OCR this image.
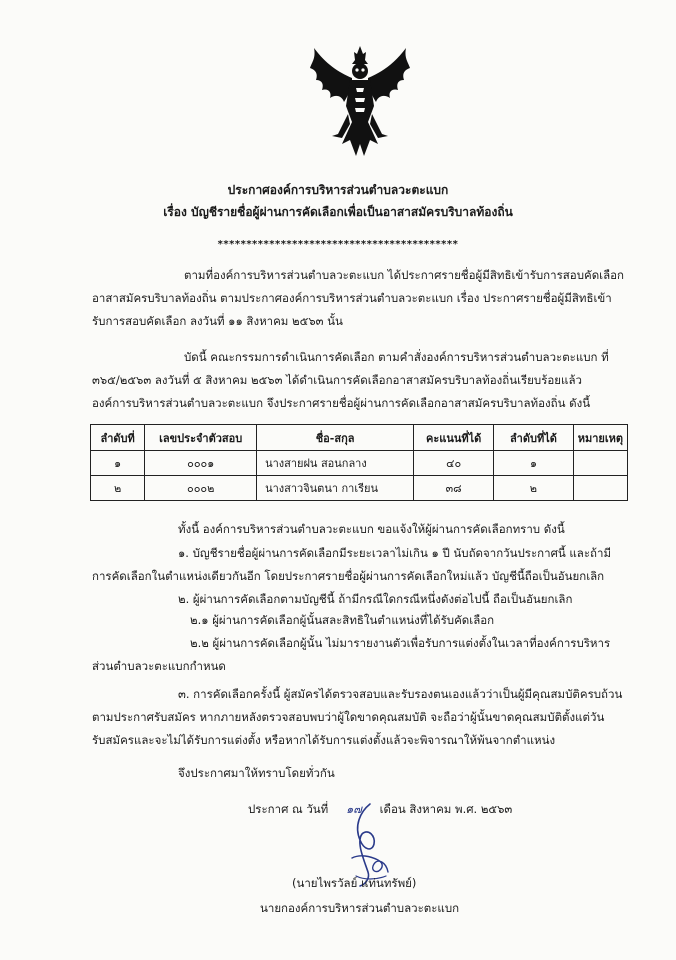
ประกาศองค์การบริหารส่วนตำบลวะตะแบก
เรื่อง บัญชีรายชื่อผู้ผ่านการคัดเลือกเพื่อเป็นอาสาสมัครบริบาลท้องถิ่น
******************************************
ตามที่องค์การบริหารส่วนตำบลวะตะแบก ได้ประกาศรายชื่อผู้มีสิทธิเข้ารับการสอบคัดเลือก
อาสาสมัครบริบาลท้องถิ่น ตามประกาศองค์การบริหารส่วนตำบลวะตะแบก เรื่อง ประกาศรายชื่อผู้มีสิทธิเข้า
รับการสอบคัดเลือก ลงวันที่ ๑๑ สิงหาคม ๒๕๖๓ นั้น
บัดนี้ คณะกรรมการดำเนินการคัดเลือก ตามคำสั่งองค์การบริหารส่วนตำบลวะตะแบก ที่
๓๖๕/๒๕๖๓ ลงวันที่ ๕ สิงหาคม ๒๕๖๓ ได้ดำเนินการคัดเลือกอาสาสมัครบริบาลท้องถิ่นเรียบร้อยแล้ว
องค์การบริหารส่วนตำบลวะตะแบก จึงประกาศรายชื่อผู้ผ่านการคัดเลือกอาสาสมัครบริบาลท้องถิ่น ดังนี้
ลำดับที่	เลขประจำตัวสอบ	ชื่อ-สกุล	คะแนนที่ได้	ลำดับที่ได้	หมายเหตุ
๑	๐๐๐๑	นางสายฝน สอนกลาง	๔๐	๑	
๒	๐๐๐๒	นางสาวจินตนา กาเรียน	๓๘	๒	
ทั้งนี้ องค์การบริหารส่วนตำบลวะตะแบก ขอแจ้งให้ผู้ผ่านการคัดเลือกทราบ ดังนี้
๑. บัญชีรายชื่อผู้ผ่านการคัดเลือกมีระยะเวลาไม่เกิน ๑ ปี นับถัดจากวันประกาศนี้ และถ้ามี
การคัดเลือกในตำแหน่งเดียวกันอีก โดยประกาศรายชื่อผู้ผ่านการคัดเลือกใหม่แล้ว บัญชีนี้ถือเป็นอันยกเลิก
๒. ผู้ผ่านการคัดเลือกตามบัญชีนี้ ถ้ามีกรณีใดกรณีหนึ่งดังต่อไปนี้ ถือเป็นอันยกเลิก
๒.๑ ผู้ผ่านการคัดเลือกผู้นั้นสละสิทธิในตำแหน่งที่ได้รับคัดเลือก
๒.๒ ผู้ผ่านการคัดเลือกผู้นั้น ไม่มารายงานตัวเพื่อรับการแต่งตั้งในเวลาที่องค์การบริหาร
ส่วนตำบลวะตะแบกกำหนด
๓. การคัดเลือกครั้งนี้ ผู้สมัครได้ตรวจสอบและรับรองตนเองแล้วว่าเป็นผู้มีคุณสมบัติครบถ้วน
ตามประกาศรับสมัคร หากภายหลังตรวจสอบพบว่าผู้ใดขาดคุณสมบัติ จะถือว่าผู้นั้นขาดคุณสมบัติตั้งแต่วัน
รับสมัครและจะไม่ได้รับการแต่งตั้ง หรือหากได้รับการแต่งตั้งแล้วจะพิจารณาให้พ้นจากตำแหน่ง
จึงประกาศมาให้ทราบโดยทั่วกัน
ประกาศ ณ วันที่ ๑๗ เดือน สิงหาคม พ.ศ. ๒๕๖๓
(นายไพรวัลย์ แท่นทรัพย์)
นายกองค์การบริหารส่วนตำบลวะตะแบก
